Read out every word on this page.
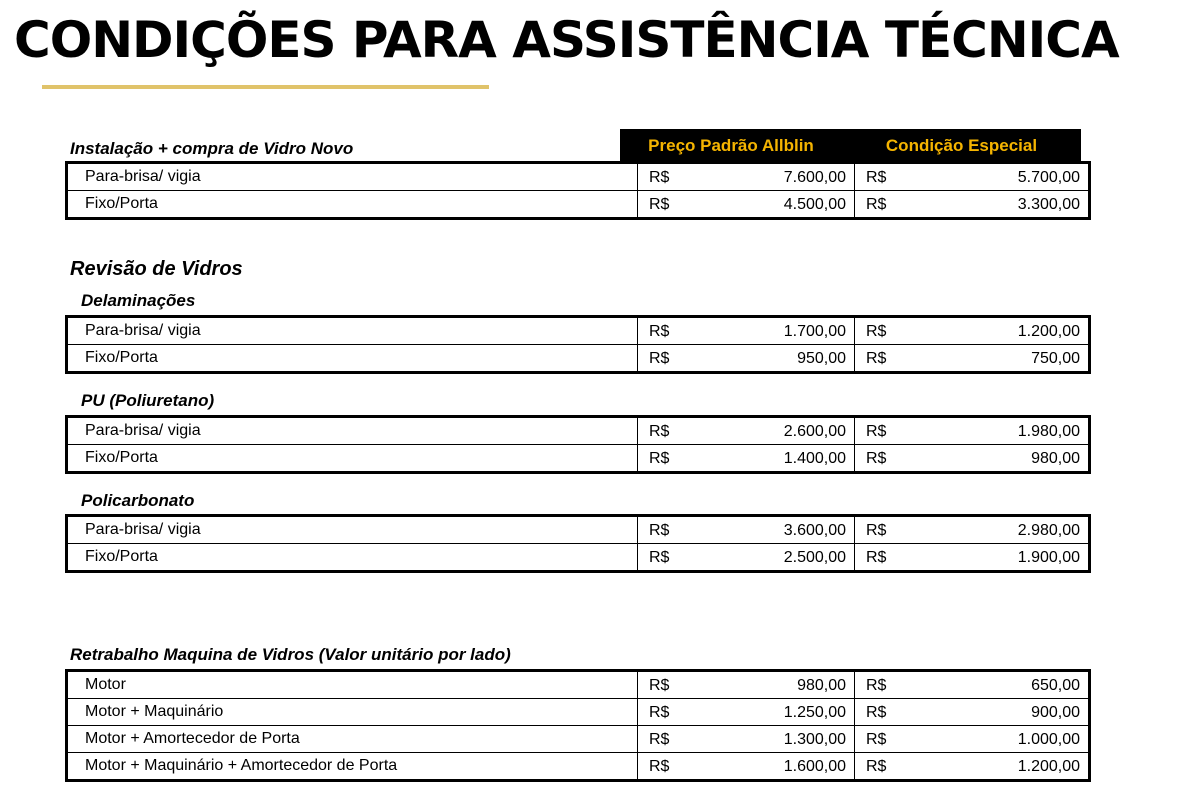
CONDIÇÕES PARA ASSISTÊNCIA TÉCNICA
Instalação + compra de Vidro Novo	Preço Padrão Allblin	Condição Especial
Para-brisa/ vigia	R$ 7.600,00	R$ 5.700,00

Fixo/Porta	R$ 4.500,00	R$ 3.300,00
Revisão de Vidros
Delaminações
Para-brisa/ vigia	R$ 1.700,00	R$ 1.200,00

Fixo/Porta	R$ 950,00	R$ 750,00
PU (Poliuretano)
Para-brisa/ vigia	R$ 2.600,00	R$ 1.980,00

Fixo/Porta	R$ 1.400,00	R$ 980,00
Policarbonato
Para-brisa/ vigia	R$ 3.600,00	R$ 2.980,00

Fixo/Porta	R$ 2.500,00	R$ 1.900,00
Retrabalho Maquina de Vidros (Valor unitário por lado)
Motor	R$ 980,00	R$ 650,00

Motor + Maquinário	R$ 1.250,00	R$ 900,00

Motor + Amortecedor de Porta	R$ 1.300,00	R$ 1.000,00

Motor + Maquinário + Amortecedor de Porta	R$ 1.600,00	R$ 1.200,00
